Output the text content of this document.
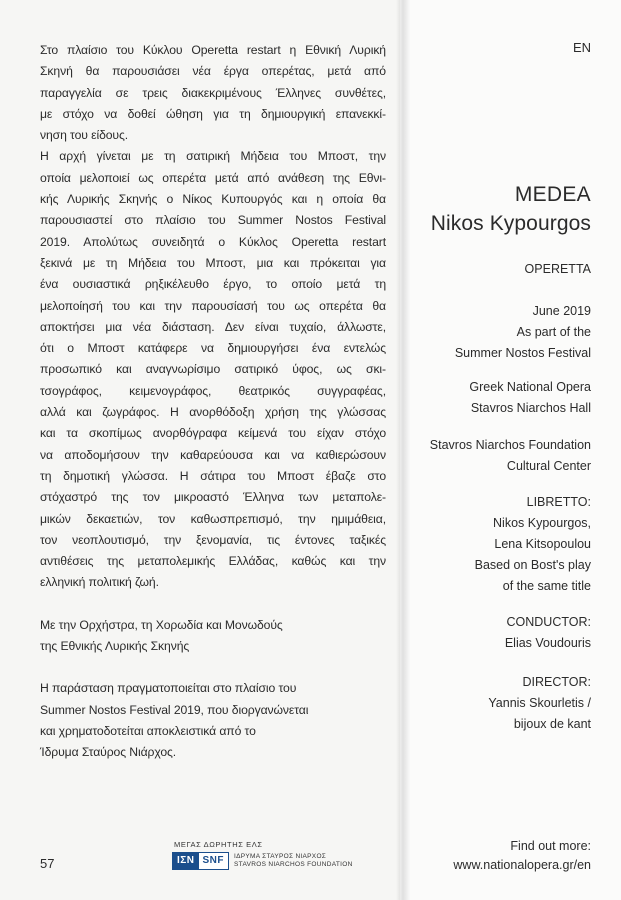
Στο πλαίσιο του Κύκλου Operetta restart η Εθνική Λυρική

Σκηνή θα παρουσιάσει νέα έργα οπερέτας, μετά από

παραγγελία σε τρεις διακεκριμένους Έλληνες συνθέτες,

με στόχο να δοθεί ώθηση για τη δημιουργική επανεκκί-

νηση του είδους.

Η αρχή γίνεται με τη σατιρική Μήδεια του Μποστ, την

οποία μελοποιεί ως οπερέτα μετά από ανάθεση της Εθνι-

κής Λυρικής Σκηνής ο Νίκος Κυπουργός και η οποία θα

παρουσιαστεί στο πλαίσιο του Summer Nostos Festival

2019. Απολύτως συνειδητά ο Κύκλος Operetta restart

ξεκινά με τη Μήδεια του Μποστ, μια και πρόκειται για

ένα ουσιαστικά ρηξικέλευθο έργο, το οποίο μετά τη

μελοποίησή του και την παρουσίασή του ως οπερέτα θα

αποκτήσει μια νέα διάσταση. Δεν είναι τυχαίο, άλλωστε,

ότι ο Μποστ κατάφερε να δημιουργήσει ένα εντελώς

προσωπικό και αναγνωρίσιμο σατιρικό ύφος, ως σκι-

τσογράφος, κειμενογράφος, θεατρικός συγγραφέας,

αλλά και ζωγράφος. Η ανορθόδοξη χρήση της γλώσσας

και τα σκοπίμως ανορθόγραφα κείμενά του είχαν στόχο

να αποδομήσουν την καθαρεύουσα και να καθιερώσουν

τη δημοτική γλώσσα. Η σάτιρα του Μποστ έβαζε στο

στόχαστρό της τον μικροαστό Έλληνα των μεταπολε-

μικών δεκαετιών, τον καθωσπρεπισμό, την ημιμάθεια,

τον νεοπλουτισμό, την ξενομανία, τις έντονες ταξικές

αντιθέσεις της μεταπολεμικής Ελλάδας, καθώς και την

ελληνική πολιτική ζωή.

Με την Ορχήστρα, τη Χορωδία και Μονωδούς

της Εθνικής Λυρικής Σκηνής

Η παράσταση πραγματοποιείται στο πλαίσιο του

Summer Nostos Festival 2019, που διοργανώνεται

και χρηματοδοτείται αποκλειστικά από το

Ίδρυμα Σταύρος Νιάρχος.

57
ΜΕΓΑΣ ΔΩΡΗΤΗΣ ΕΛΣ
ΙΣΝ SNF	ΙΔΡΥΜΑ ΣΤΑΥΡΟΣ ΝΙΑΡΧΟΣ
STAVROS NIARCHOS FOUNDATION
EN
MEDEA
Nikos Kypourgos
OPERETTA
June 2019
As part of the
Summer Nostos Festival
Greek National Opera
Stavros Niarchos Hall
Stavros Niarchos Foundation
Cultural Center
LIBRETTO:
Nikos Kypourgos,
Lena Kitsopoulou
Based on Bost's play
of the same title
CONDUCTOR:
Elias Voudouris
DIRECTOR:
Yannis Skourletis /
bijoux de kant
Find out more:
www.nationalopera.gr/en
